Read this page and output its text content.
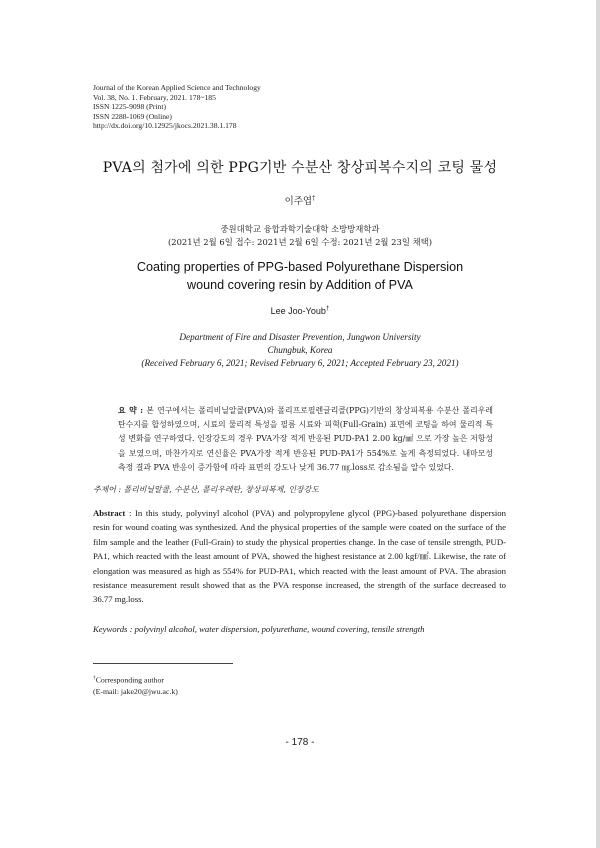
Journal of the Korean Applied Science and Technology
Vol. 38, No. 1. February, 2021. 178~185
ISSN 1225-9098 (Print)
ISSN 2288-1069 (Online)
http://dx.doi.org/10.12925/jkocs.2021.38.1.178
PVA의 첨가에 의한 PPG기반 수분산 창상피복수지의 코팅 물성
이주엽†
중원대학교 융합과학기술대학 소방방재학과
(2021년 2월 6일 접수: 2021년 2월 6일 수정: 2021년 2월 23일 채택)
Coating properties of PPG-based Polyurethane Dispersion
wound covering resin by Addition of PVA
Lee Joo-Youb†
Department of Fire and Disaster Prevention, Jungwon University
Chungbuk, Korea
(Received February 6, 2021; Revised February 6, 2021; Accepted February 23, 2021)
요 약 : 본 연구에서는 폴리비닐알콜(PVA)와 폴리프로필렌글리콜(PPG)기반의 창상피복용 수분산 폴리우레탄수지를 합성하였으며, 시료의 물리적 특성을 필름 시료와 피혁(Full-Grain) 표면에 코팅을 하여 물리적 특성 변화를 연구하였다. 인장강도의 경우 PVA가장 적게 반응된 PUD-PA1 2.00 kg/㎟ 으로 가장 높은 저항성을 보였으며, 마찬가지로 연신율은 PVA가장 적게 반응된 PUD-PA1가 554%로 높게 측정되었다. 내마모성 측정 결과 PVA 반응이 증가함에 따라 표면의 강도나 낮게 36.77 ㎎.loss로 감소됨을 알수 있었다.
주제어 : 폴리비닐알콜, 수분산, 폴리우레탄, 창상피복제, 인장강도
Abstract : In this study, polyvinyl alcohol (PVA) and polypropylene glycol (PPG)-based polyurethane dispersion resin for wound coating was synthesized. And the physical properties of the sample were coated on the surface of the film sample and the leather (Full-Grain) to study the physical properties change. In the case of tensile strength, PUD-PA1, which reacted with the least amount of PVA, showed the highest resistance at 2.00 kgf/㎟. Likewise, the rate of elongation was measured as high as 554% for PUD-PA1, which reacted with the least amount of PVA. The abrasion resistance measurement result showed that as the PVA response increased, the strength of the surface decreased to 36.77 mg.loss.
Keywords : polyvinyl alcohol, water dispersion, polyurethane, wound covering, tensile strength
†Corresponding author
(E-mail: jake20@jwu.ac.k)
- 178 -
